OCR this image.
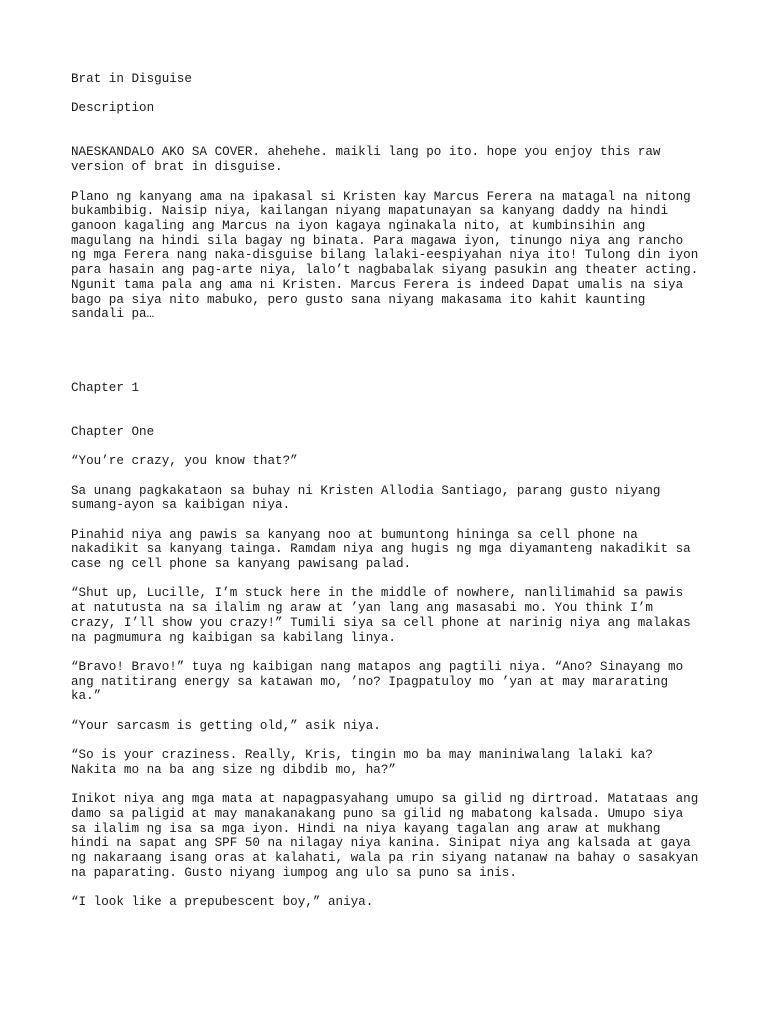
Brat in Disguise

Description

NAESKANDALO AKO SA COVER. ahehehe. maikli lang po ito. hope you enjoy this raw
version of brat in disguise.

Plano ng kanyang ama na ipakasal si Kristen kay Marcus Ferera na matagal na nitong
bukambibig. Naisip niya, kailangan niyang mapatunayan sa kanyang daddy na hindi
ganoon kagaling ang Marcus na iyon kagaya nginakala nito, at kumbinsihin ang
magulang na hindi sila bagay ng binata. Para magawa iyon, tinungo niya ang rancho
ng mga Ferera nang naka-disguise bilang lalaki-eespiyahan niya ito! Tulong din iyon
para hasain ang pag-arte niya, lalo’t nagbabalak siyang pasukin ang theater acting.
Ngunit tama pala ang ama ni Kristen. Marcus Ferera is indeed Dapat umalis na siya
bago pa siya nito mabuko, pero gusto sana niyang makasama ito kahit kaunting
sandali pa…

Chapter 1

Chapter One

“You’re crazy, you know that?”

Sa unang pagkakataon sa buhay ni Kristen Allodia Santiago, parang gusto niyang
sumang-ayon sa kaibigan niya.

Pinahid niya ang pawis sa kanyang noo at bumuntong hininga sa cell phone na
nakadikit sa kanyang tainga. Ramdam niya ang hugis ng mga diyamanteng nakadikit sa
case ng cell phone sa kanyang pawisang palad.

“Shut up, Lucille, I’m stuck here in the middle of nowhere, nanlilimahid sa pawis
at natutusta na sa ilalim ng araw at ’yan lang ang masasabi mo. You think I’m
crazy, I’ll show you crazy!” Tumili siya sa cell phone at narinig niya ang malakas
na pagmumura ng kaibigan sa kabilang linya.

“Bravo! Bravo!” tuya ng kaibigan nang matapos ang pagtili niya. “Ano? Sinayang mo
ang natitirang energy sa katawan mo, ’no? Ipagpatuloy mo ’yan at may mararating
ka.”

“Your sarcasm is getting old,” asik niya.

“So is your craziness. Really, Kris, tingin mo ba may maniniwalang lalaki ka?
Nakita mo na ba ang size ng dibdib mo, ha?”

Inikot niya ang mga mata at napagpasyahang umupo sa gilid ng dirtroad. Matataas ang
damo sa paligid at may manakanakang puno sa gilid ng mabatong kalsada. Umupo siya
sa ilalim ng isa sa mga iyon. Hindi na niya kayang tagalan ang araw at mukhang
hindi na sapat ang SPF 50 na nilagay niya kanina. Sinipat niya ang kalsada at gaya
ng nakaraang isang oras at kalahati, wala pa rin siyang natanaw na bahay o sasakyan
na paparating. Gusto niyang iumpog ang ulo sa puno sa inis.

“I look like a prepubescent boy,” aniya.
